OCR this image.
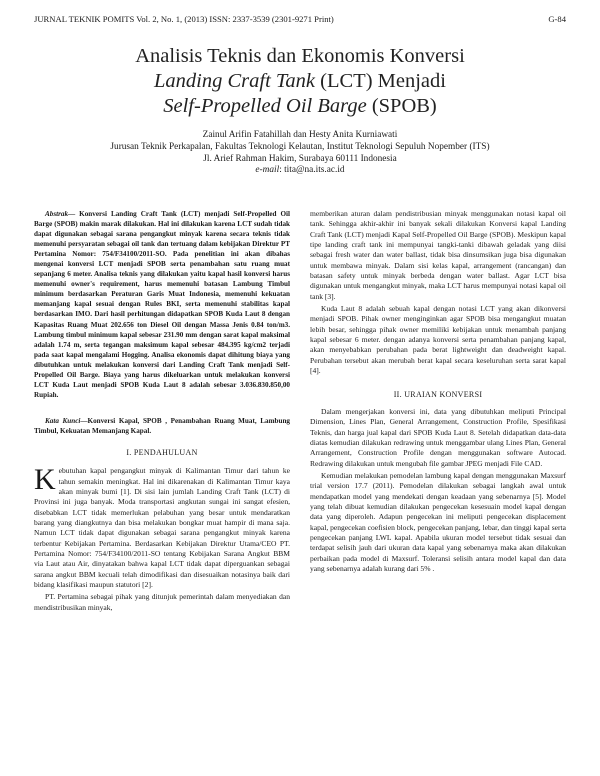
JURNAL TEKNIK POMITS Vol. 2, No. 1, (2013) ISSN: 2337-3539 (2301-9271 Print)	G-84
Analisis Teknis dan Ekonomis Konversi
Landing Craft Tank (LCT) Menjadi
Self-Propelled Oil Barge (SPOB)
Zainul Arifin Fatahillah dan Hesty Anita Kurniawati
Jurusan Teknik Perkapalan, Fakultas Teknologi Kelautan, Institut Teknologi Sepuluh Nopember (ITS)
Jl. Arief Rahman Hakim, Surabaya 60111 Indonesia
e-mail: tita@na.its.ac.id

Abstrak— Konversi Landing Craft Tank (LCT) menjadi Self-Propelled Oil Barge (SPOB) makin marak dilakukan. Hal ini dilakukan karena LCT sudah tidak dapat digunakan sebagai sarana pengangkut minyak karena secara teknis tidak memenuhi persyaratan sebagai oil tank dan tertuang dalam kebijakan Direktur PT Pertamina Nomor: 754/F34100/2011-SO. Pada penelitian ini akan dibahas mengenai konversi LCT menjadi SPOB serta penambahan satu ruang muat sepanjang 6 meter. Analisa teknis yang dilakukan yaitu kapal hasil konversi harus memenuhi owner's requirement, harus memenuhi batasan Lambung Timbul minimum berdasarkan Peraturan Garis Muat Indonesia, memenuhi kekuatan memanjang kapal sesuai dengan Rules BKI, serta memenuhi stabilitas kapal berdasarkan IMO. Dari hasil perhitungan didapatkan SPOB Kuda Laut 8 dengan Kapasitas Ruang Muat 202.656 ton Diesel Oil dengan Massa Jenis 0.84 ton/m3. Lambung timbul minimum kapal sebesar 231.90 mm dengan sarat kapal maksimal adalah 1.74 m, serta tegangan maksimum kapal sebesar 484.395 kg/cm2 terjadi pada saat kapal mengalami Hogging. Analisa ekonomis dapat dihitung biaya yang dibutuhkan untuk melakukan konversi dari Landing Craft Tank menjadi Self-Propelled Oil Barge. Biaya yang harus dikeluarkan untuk melakukan konversi LCT Kuda Laut menjadi SPOB Kuda Laut 8 adalah sebesar 3.036.830.850,00 Rupiah.

Kata Kunci—Konversi Kapal, SPOB , Penambahan Ruang Muat, Lambung Timbul, Kekuatan Memanjang Kapal.

I. PENDAHULUAN

Kebutuhan kapal pengangkut minyak di Kalimantan Timur dari tahun ke tahun semakin meningkat. Hal ini dikarenakan di Kalimantan Timur kaya akan minyak bumi [1]. Di sisi lain jumlah Landing Craft Tank (LCT) di Provinsi ini juga banyak. Moda transportasi angkutan sungai ini sangat efesien, disebabkan LCT tidak memerlukan pelabuhan yang besar untuk mendaratkan barang yang diangkutnya dan bisa melakukan bongkar muat hampir di mana saja. Namun LCT tidak dapat digunakan sebagai sarana pengangkut minyak karena terbentur Kebijakan Pertamina. Berdasarkan Kebijakan Direktur Utama/CEO PT. Pertamina Nomor: 754/F34100/2011-SO tentang Kebijakan Sarana Angkut BBM via Laut atau Air, dinyatakan bahwa kapal LCT tidak dapat diperguankan sebagai sarana angkut BBM kecuali telah dimodifikasi dan disesuaikan notasinya baik dari bidang klasifikasi maupun statutori [2].

PT. Pertamina sebagai pihak yang ditunjuk pemerintah dalam menyediakan dan mendistribusikan minyak,

memberikan aturan dalam pendistribusian minyak menggunakan notasi kapal oil tank. Sehingga akhir-akhir ini banyak sekali dilakukan Konversi kapal Landing Craft Tank (LCT) menjadi Kapal Self-Propelled Oil Barge (SPOB). Meskipun kapal tipe landing craft tank ini mempunyai tangki-tanki dibawah geladak yang diisi sebagai fresh water dan water ballast, tidak bisa dinsumsikan juga bisa digunakan untuk membawa minyak. Dalam sisi kelas kapal, arrangement (rancangan) dan batasan safety untuk minyak berbeda dengan water ballast. Agar LCT bisa digunakan untuk mengangkut minyak, maka LCT harus mempunyai notasi kapal oil tank [3].

Kuda Laut 8 adalah sebuah kapal dengan notasi LCT yang akan dikonversi menjadi SPOB. Pihak owner menginginkan agar SPOB bisa mengangkut muatan lebih besar, sehingga pihak owner memiliki kebijakan untuk menambah panjang kapal sebesar 6 meter. dengan adanya konversi serta penambahan panjang kapal, akan menyebabkan perubahan pada berat lightweight dan deadweight kapal. Perubahan tersebut akan merubah berat kapal secara keseluruhan serta sarat kapal [4].

II. URAIAN KONVERSI

Dalam mengerjakan konversi ini, data yang dibutuhkan meliputi Principal Dimension, Lines Plan, General Arrangement, Construction Profile, Spesifikasi Teknis, dan harga jual kapal dari SPOB Kuda Laut 8. Setelah didapatkan data-data diatas kemudian dilakukan redrawing untuk menggambar ulang Lines Plan, General Arrangement, Construction Profile dengan menggunakan software Autocad. Redrawing dilakukan untuk mengubah file gambar JPEG menjadi File CAD.

Kemudian melakukan pemodelan lambung kapal dengan menggunakan Maxsurf trial version 17.7 (2011). Pemodelan dilakukan sebagai langkah awal untuk mendapatkan model yang mendekati dengan keadaan yang sebenarnya [5]. Model yang telah dibuat kemudian dilakukan pengecekan kesesuain model kapal dengan data yang diperoleh. Adapun pengecekan ini meliputi pengecekan displacement kapal, pengecekan coefisien block, pengecekan panjang, lebar, dan tinggi kapal serta pengecekan panjang LWL kapal. Apabila ukuran model tersebut tidak sesuai dan terdapat selisih jauh dari ukuran data kapal yang sebenarnya maka akan dilakukan perbaikan pada model di Maxsurf. Toleransi selisih antara model kapal dan data yang sebenarnya adalah kurang dari 5% .
